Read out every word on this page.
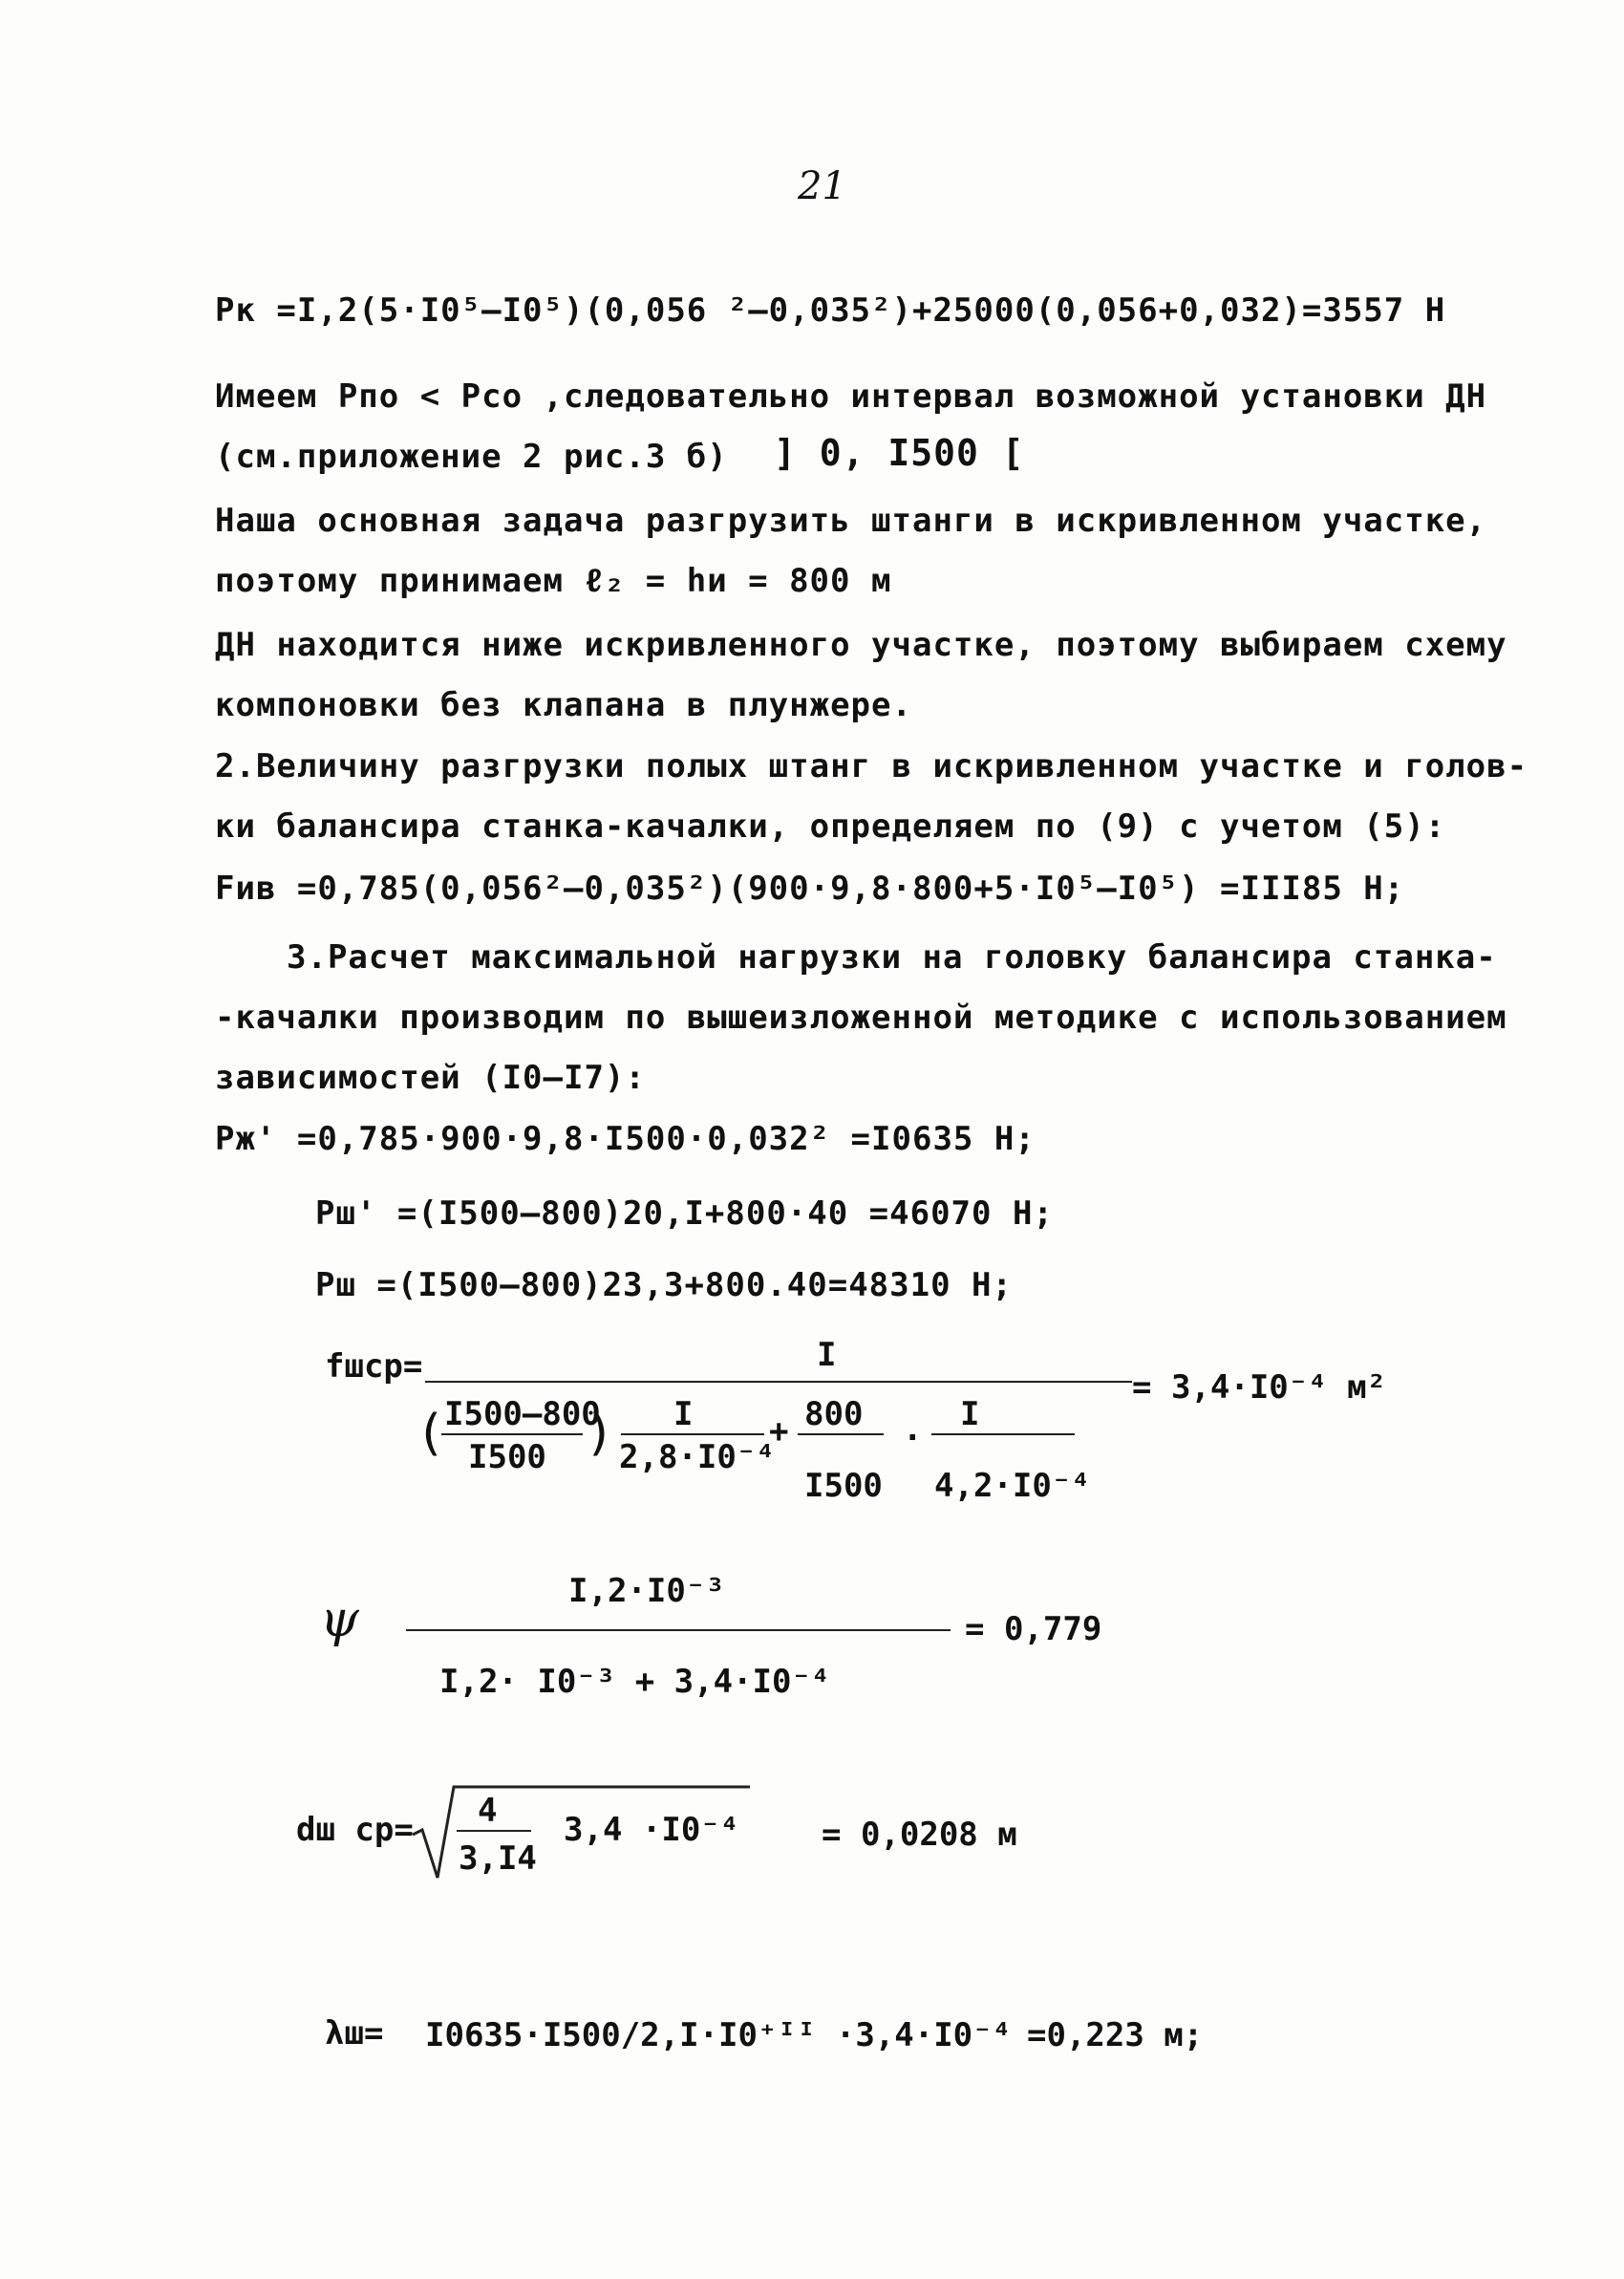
21
Pк =I,2(5·I0⁵–I0⁵)(0,056 ²–0,035²)+25000(0,056+0,032)=3557 Н
Имеем Pпо < Pсо ,следовательно интервал возможной установки ДН
(см.приложение 2 рис.3 б) ] 0, I500 [
Наша основная задача разгрузить штанги в искривленном участке,
поэтому принимаем ℓ₂ = hи = 800 м
ДН находится ниже искривленного участке, поэтому выбираем схему
компоновки без клапана в плунжере.
2.Величину разгрузки полых штанг в искривленном участке и голов-
ки балансира станка-качалки, определяем по (9) с учетом (5):
Fив =0,785(0,056²–0,035²)(900·9,8·800+5·I0⁵–I0⁵) =III85 Н;
3.Расчет максимальной нагрузки на головку балансира станка-
-качалки производим по вышеизложенной методике с использованием
зависимостей (I0–I7):
Pж' =0,785·900·9,8·I500·0,032² =I0635 Н;
Pш' =(I500–800)20,I+800·40 =46070 Н;
Pш =(I500–800)23,3+800.40=48310 Н;
fшср=	I
(
I500–800
I500 ) I
2,8·I0⁻⁴
+ 800
I500
·
I
4,2·I0⁻⁴
= 3,4·I0⁻⁴ м²
ψ	I,2·I0⁻³
I,2· I0⁻³ + 3,4·I0⁻⁴
= 0,779
dш ср= 4
3,I4
3,4 ·I0⁻⁴	= 0,0208 м
λш= I0635·I500/2,I·I0⁺ᴵᴵ ·3,4·I0⁻⁴ =0,223 м;
